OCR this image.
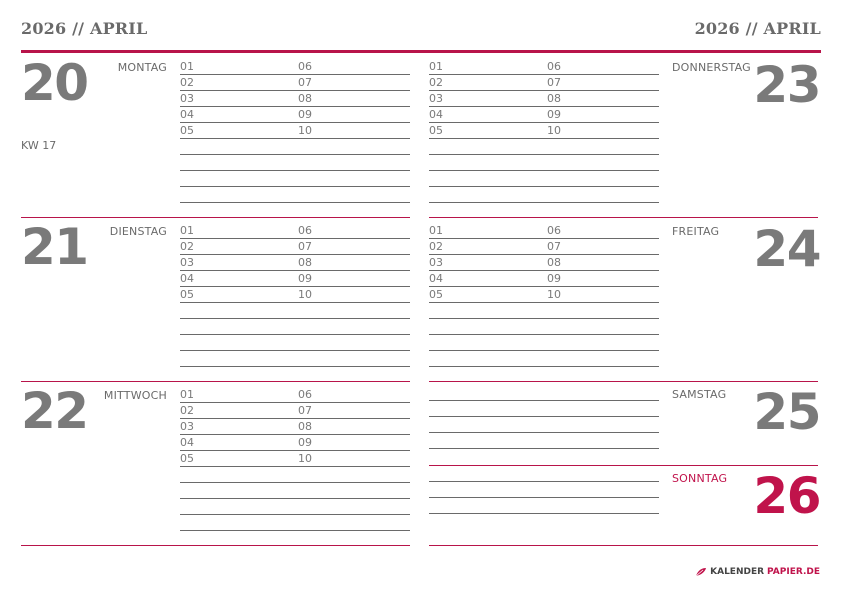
2026 // APRIL	2026 // APRIL
20	MONTAG 01	06
02	07
03	08
04	09
05	10
21 DIENSTAG 01	06
02	07
03	08
04	09
05	10
22 MITTWOCH 01	06
02	07
03	08
04	09
05	10
KW 17
23
DONNERSTAG
01	06
02	07
03	08
04	09
05	10
24
FREITAG
01	06
02	07
03	08
04	09
05	10
25
SAMSTAG
26
SONNTAG
KALENDER PAPIER.DE
